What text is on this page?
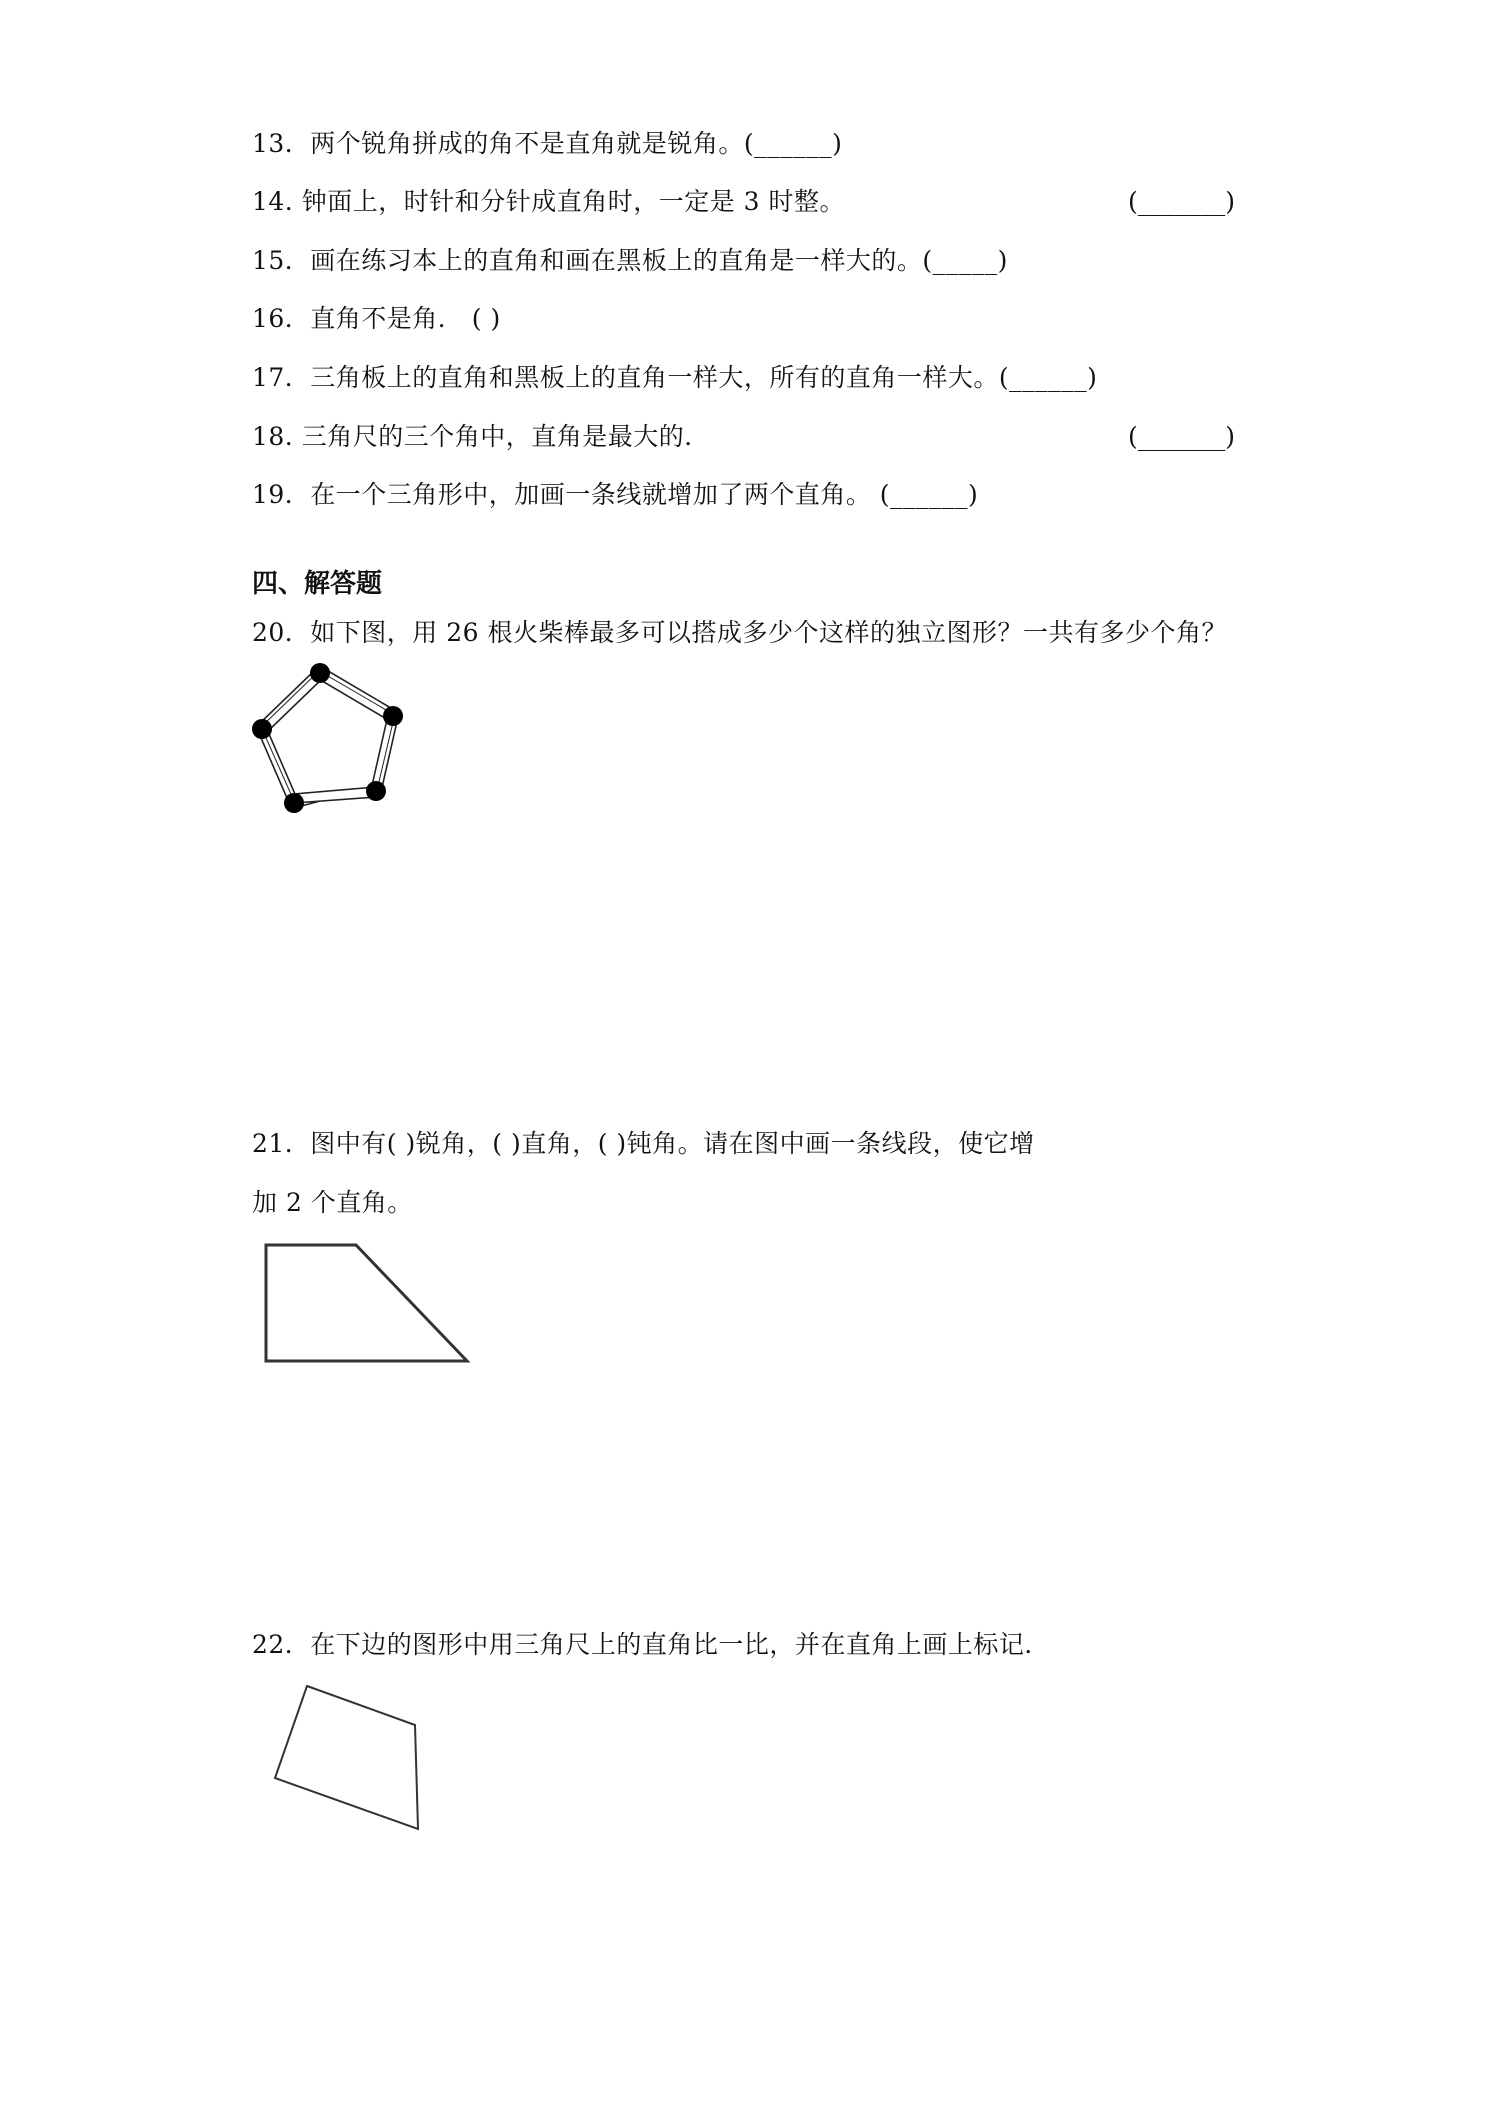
13．两个锐角拼成的角不是直角就是锐角。(______)
14. 钟面上，时针和分针成直角时，一定是 3 时整。	(_______)
15．画在练习本上的直角和画在黑板上的直角是一样大的。(_____)
16．直角不是角． ( )
17．三角板上的直角和黑板上的直角一样大，所有的直角一样大。(______)
18. 三角尺的三个角中，直角是最大的．	(_______)
19．在一个三角形中，加画一条线就增加了两个直角。 (______)
四、解答题
20．如下图，用 26 根火柴棒最多可以搭成多少个这样的独立图形？一共有多少个角？
21．图中有( )锐角，( )直角，( )钝角。请在图中画一条线段，使它增
加 2 个直角。
22．在下边的图形中用三角尺上的直角比一比，并在直角上画上标记．
